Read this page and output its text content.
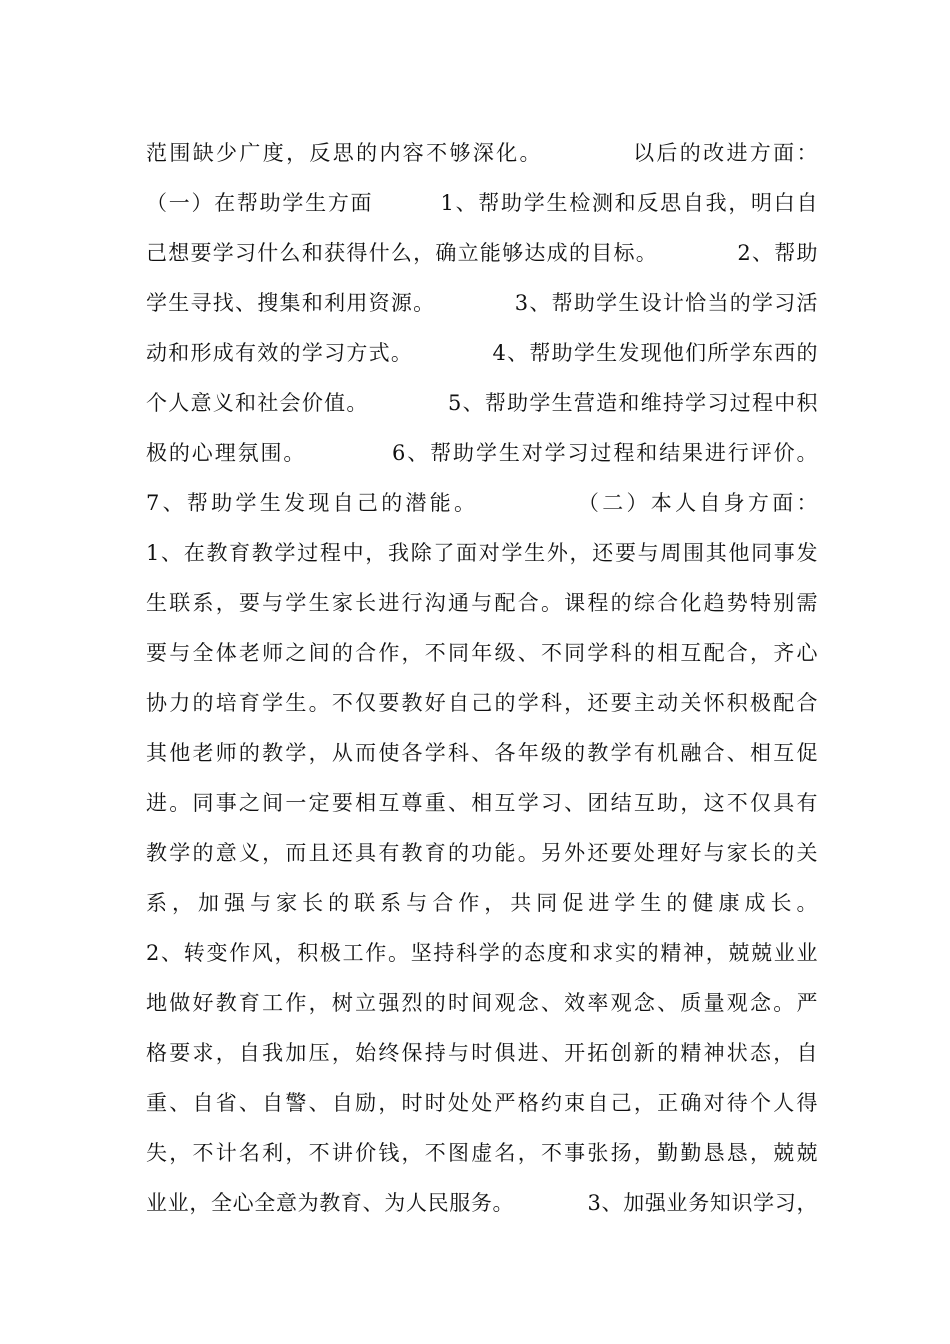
范围缺少广度，反思的内容不够深化。          以后的改进方面：
（一）在帮助学生方面        1、帮助学生检测和反思自我，明白自
己想要学习什么和获得什么，确立能够达成的目标。          2、帮助
学生寻找、搜集和利用资源。          3、帮助学生设计恰当的学习活
动和形成有效的学习方式。          4、帮助学生发现他们所学东西的
个人意义和社会价值。          5、帮助学生营造和维持学习过程中积
极的心理氛围。          6、帮助学生对学习过程和结果进行评价。
7、帮助学生发现自己的潜能。          （二）本人自身方面：
1、在教育教学过程中，我除了面对学生外，还要与周围其他同事发
生联系，要与学生家长进行沟通与配合。课程的综合化趋势特别需
要与全体老师之间的合作，不同年级、不同学科的相互配合，齐心
协力的培育学生。不仅要教好自己的学科，还要主动关怀积极配合
其他老师的教学，从而使各学科、各年级的教学有机融合、相互促
进。同事之间一定要相互尊重、相互学习、团结互助，这不仅具有
教学的意义，而且还具有教育的功能。另外还要处理好与家长的关
系，加强与家长的联系与合作，共同促进学生的健康成长。
2、转变作风，积极工作。坚持科学的态度和求实的精神，兢兢业业
地做好教育工作，树立强烈的时间观念、效率观念、质量观念。严
格要求，自我加压，始终保持与时俱进、开拓创新的精神状态，自
重、自省、自警、自励，时时处处严格约束自己，正确对待个人得
失，不计名利，不讲价钱，不图虚名，不事张扬，勤勤恳恳，兢兢
业业，全心全意为教育、为人民服务。          3、加强业务知识学习，
